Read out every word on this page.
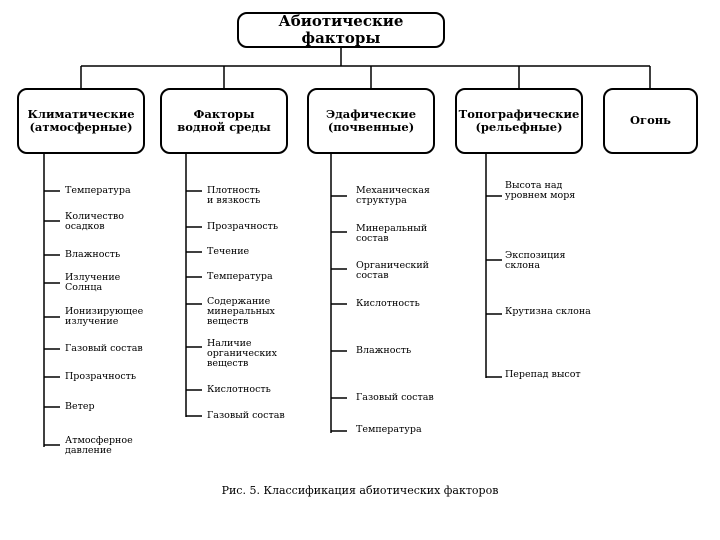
Абиотические факторы
Климатические
(атмосферные)
Факторы
водной среды
Эдафические
(почвенные)
Топографические
(рельефные)	Огонь
Температура
Количество
осадков
Влажность
Излучение
Солнца
Ионизирующее
излучение
Газовый состав
Прозрачность
Ветер
Атмосферное
давление
Плотность
и вязкость
Прозрачность
Течение
Температура
Содержание
минеральных
веществ
Наличие
органических
веществ
Кислотность
Газовый состав
Механическая
структура
Минеральный
состав
Органический
состав
Кислотность
Влажность
Газовый состав
Температура
Высота над
уровнем моря
Экспозиция
склона
Крутизна склона
Перепад высот
Рис. 5. Классификация абиотических факторов
